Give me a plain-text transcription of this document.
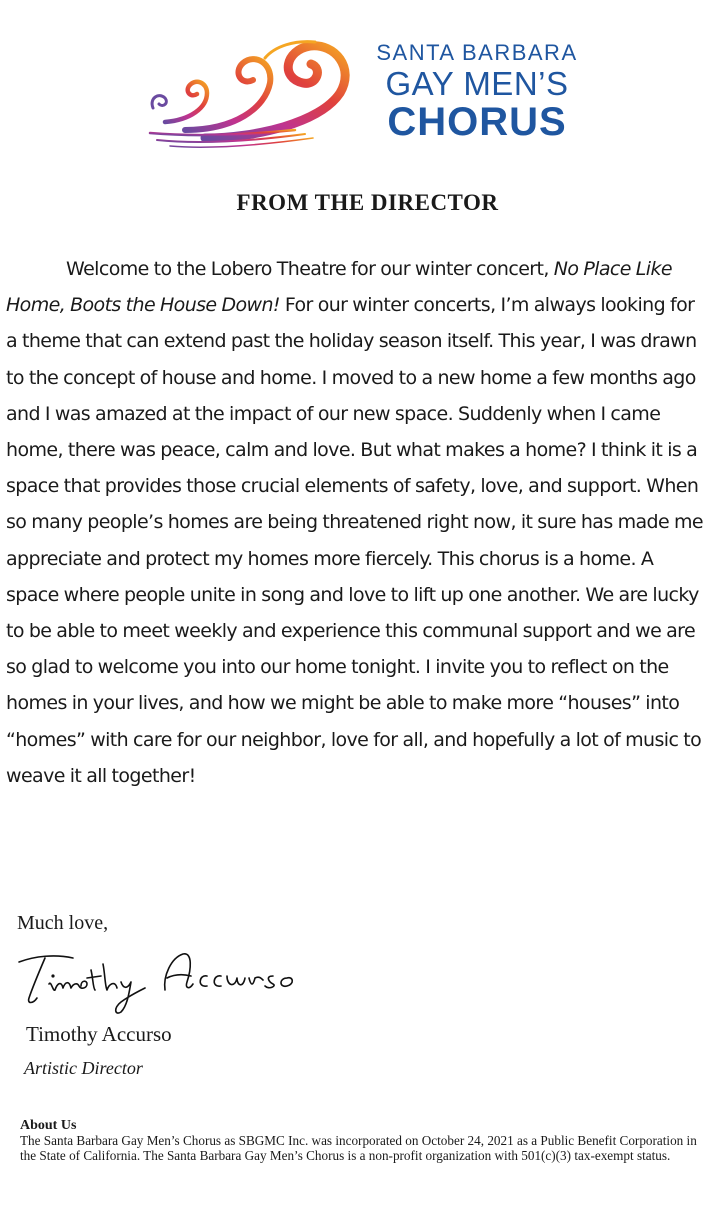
SANTA BARBARA
GAY MEN’S
CHORUS
FROM THE DIRECTOR
Welcome to the Lobero Theatre for our winter concert, No Place Like Home, Boots the House Down! For our winter concerts, I’m always looking for a theme that can extend past the holiday season itself. This year, I was drawn to the concept of house and home. I moved to a new home a few months ago and I was amazed at the impact of our new space. Suddenly when I came home, there was peace, calm and love. But what makes a home? I think it is a space that provides those crucial elements of safety, love, and support. When so many people’s homes are being threatened right now, it sure has made me appreciate and protect my homes more fiercely. This chorus is a home. A space where people unite in song and love to lift up one another. We are lucky to be able to meet weekly and experience this communal support and we are so glad to welcome you into our home tonight. I invite you to reflect on the homes in your lives, and how we might be able to make more “houses” into “homes” with care for our neighbor, love for all, and hopefully a lot of music to weave it all together!
Much love,
Timothy Accurso
Artistic Director
About Us
The Santa Barbara Gay Men’s Chorus as SBGMC Inc. was incorporated on October 24, 2021 as a Public Benefit Corporation in the State of California. The Santa Barbara Gay Men’s Chorus is a non-profit organization with 501(c)(3) tax-exempt status.
